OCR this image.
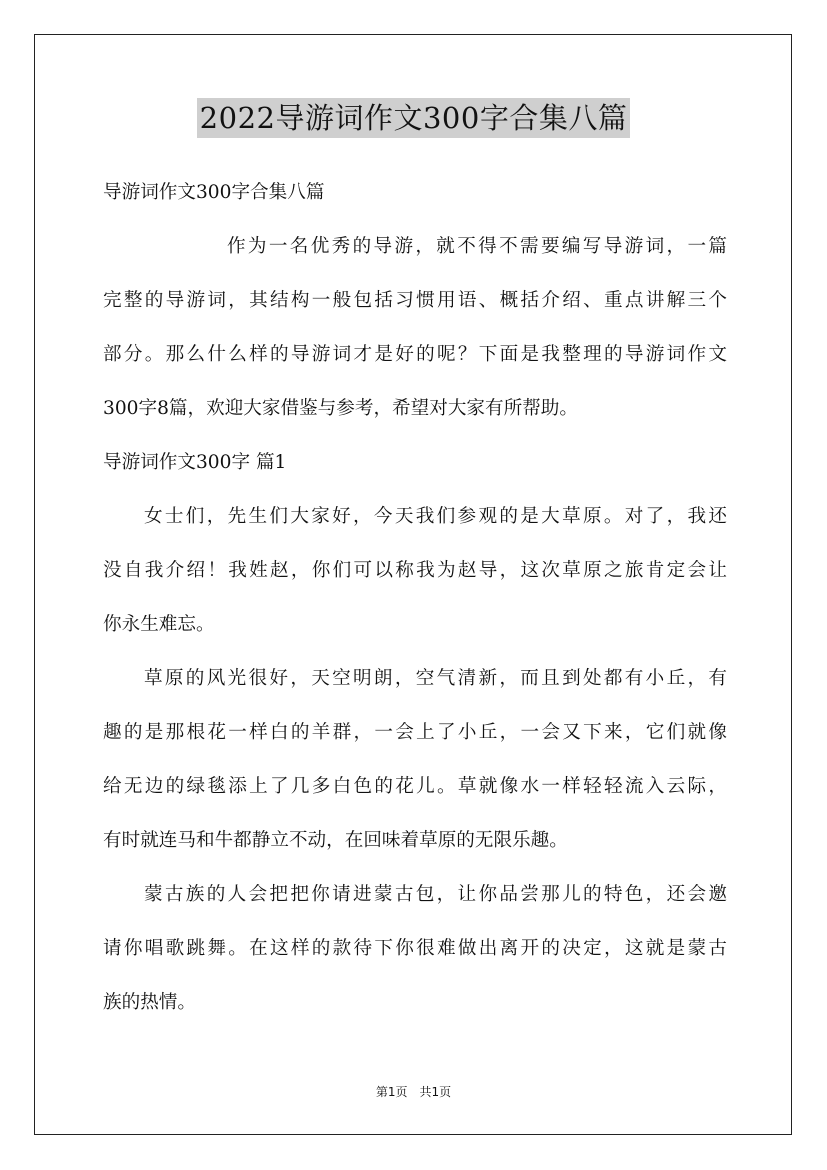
2022导游词作文300字合集八篇
导游词作文300字合集八篇
作为一名优秀的导游，就不得不需要编写导游词，一篇
完整的导游词，其结构一般包括习惯用语、概括介绍、重点讲解三个
部分。那么什么样的导游词才是好的呢？下面是我整理的导游词作文
300字8篇，欢迎大家借鉴与参考，希望对大家有所帮助。
导游词作文300字 篇1
女士们，先生们大家好，今天我们参观的是大草原。对了，我还
没自我介绍！我姓赵，你们可以称我为赵导，这次草原之旅肯定会让
你永生难忘。
草原的风光很好，天空明朗，空气清新，而且到处都有小丘，有
趣的是那根花一样白的羊群，一会上了小丘，一会又下来，它们就像
给无边的绿毯添上了几多白色的花儿。草就像水一样轻轻流入云际，
有时就连马和牛都静立不动，在回味着草原的无限乐趣。
蒙古族的人会把把你请进蒙古包，让你品尝那儿的特色，还会邀
请你唱歌跳舞。在这样的款待下你很难做出离开的决定，这就是蒙古
族的热情。
第1页　共1页
